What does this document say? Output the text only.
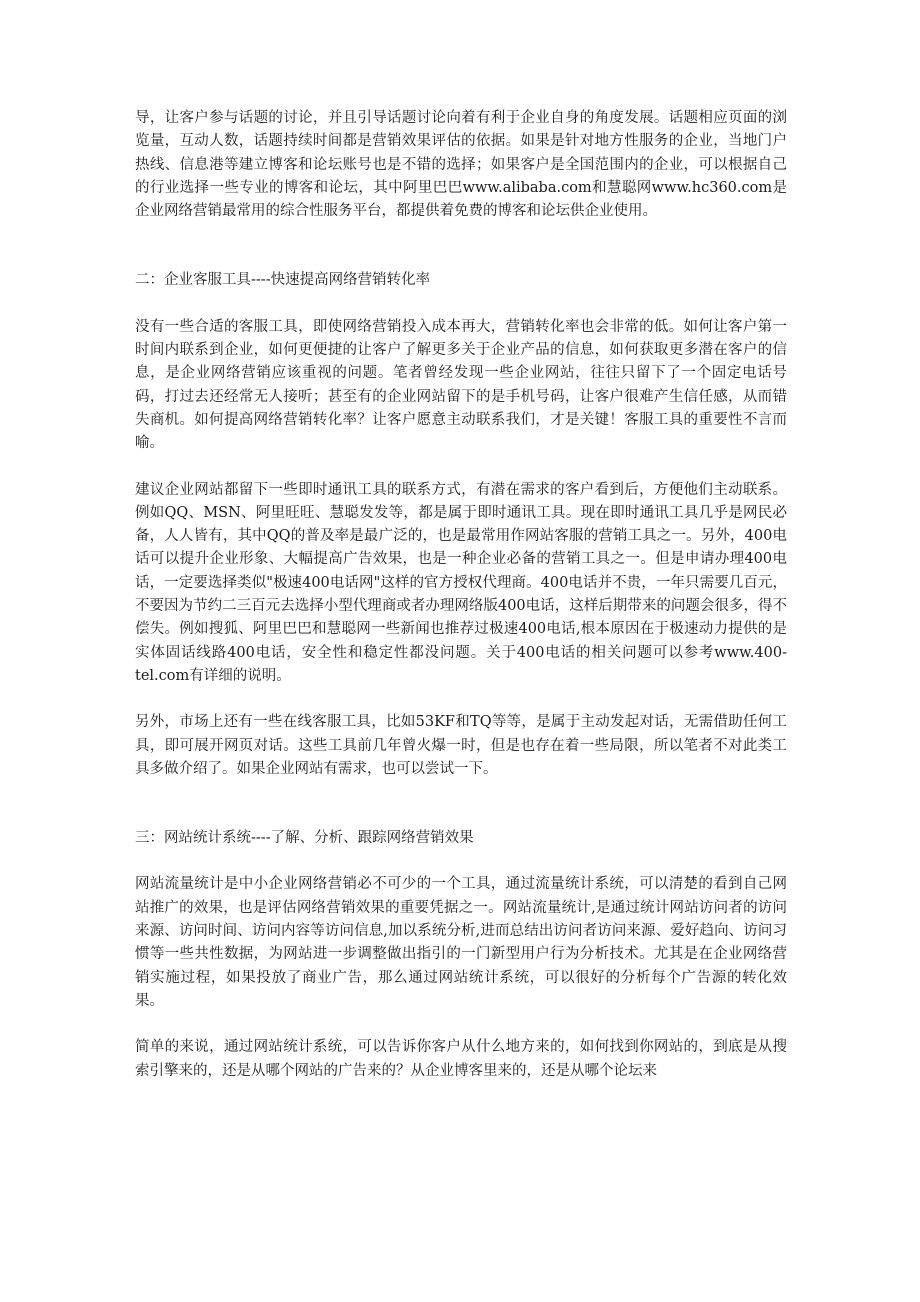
导，让客户参与话题的讨论，并且引导话题讨论向着有利于企业自身的角度发展。话题相应页面的浏览量，互动人数，话题持续时间都是营销效果评估的依据。如果是针对地方性服务的企业，当地门户热线、信息港等建立博客和论坛账号也是不错的选择；如果客户是全国范围内的企业，可以根据自己的行业选择一些专业的博客和论坛，其中阿里巴巴www.alibaba.com和慧聪网www.hc360.com是企业网络营销最常用的综合性服务平台，都提供着免费的博客和论坛供企业使用。

二：企业客服工具----快速提高网络营销转化率

没有一些合适的客服工具，即使网络营销投入成本再大，营销转化率也会非常的低。如何让客户第一时间内联系到企业，如何更便捷的让客户了解更多关于企业产品的信息，如何获取更多潜在客户的信息，是企业网络营销应该重视的问题。笔者曾经发现一些企业网站，往往只留下了一个固定电话号码，打过去还经常无人接听；甚至有的企业网站留下的是手机号码，让客户很难产生信任感，从而错失商机。如何提高网络营销转化率？让客户愿意主动联系我们，才是关键！客服工具的重要性不言而喻。

建议企业网站都留下一些即时通讯工具的联系方式，有潜在需求的客户看到后，方便他们主动联系。例如QQ、MSN、阿里旺旺、慧聪发发等，都是属于即时通讯工具。现在即时通讯工具几乎是网民必备，人人皆有，其中QQ的普及率是最广泛的，也是最常用作网站客服的营销工具之一。另外，400电话可以提升企业形象、大幅提高广告效果，也是一种企业必备的营销工具之一。但是申请办理400电话，一定要选择类似"极速400电话网"这样的官方授权代理商。400电话并不贵，一年只需要几百元，不要因为节约二三百元去选择小型代理商或者办理网络版400电话，这样后期带来的问题会很多，得不偿失。例如搜狐、阿里巴巴和慧聪网一些新闻也推荐过极速400电话,根本原因在于极速动力提供的是实体固话线路400电话，安全性和稳定性都没问题。关于400电话的相关问题可以参考www.400-tel.com有详细的说明。

另外，市场上还有一些在线客服工具，比如53KF和TQ等等，是属于主动发起对话，无需借助任何工具，即可展开网页对话。这些工具前几年曾火爆一时，但是也存在着一些局限，所以笔者不对此类工具多做介绍了。如果企业网站有需求，也可以尝试一下。

三：网站统计系统----了解、分析、跟踪网络营销效果

网站流量统计是中小企业网络营销必不可少的一个工具，通过流量统计系统，可以清楚的看到自己网站推广的效果，也是评估网络营销效果的重要凭据之一。网站流量统计,是通过统计网站访问者的访问来源、访问时间、访问内容等访问信息,加以系统分析,进而总结出访问者访问来源、爱好趋向、访问习惯等一些共性数据，为网站进一步调整做出指引的一门新型用户行为分析技术。尤其是在企业网络营销实施过程，如果投放了商业广告，那么通过网站统计系统，可以很好的分析每个广告源的转化效果。

简单的来说，通过网站统计系统，可以告诉你客户从什么地方来的，如何找到你网站的，到底是从搜索引擎来的，还是从哪个网站的广告来的？从企业博客里来的，还是从哪个论坛来
